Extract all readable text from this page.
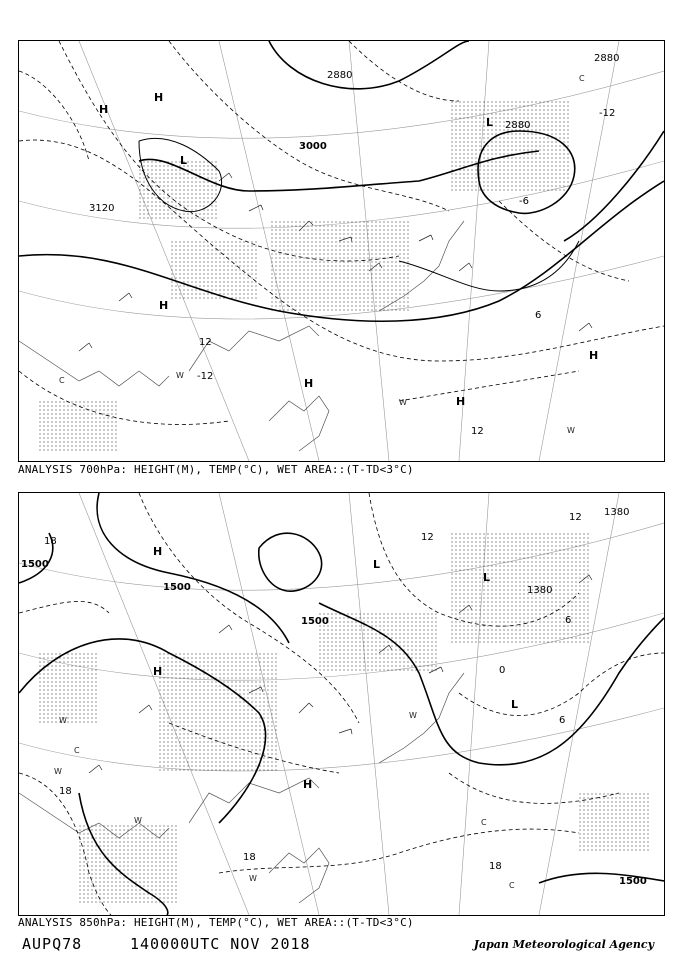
3120
3000
2880
2880
2880
-12
-12
-6
6
H
H
L
L
H
H
H
H
W
W
W
C
C
12
12
ANALYSIS 700hPa: HEIGHT(M), TEMP(°C), WET AREA::(T-TD<3°C)
1500
1500
1500
1380
1380
1500
18
18
18
18
12
12
6
6
0
H
H
L
L
L
H
W
W
W
W
W
C
C
C
ANALYSIS 850hPa: HEIGHT(M), TEMP(°C), WET AREA::(T-TD<3°C)
AUPQ78	140000UTC NOV 2018	Japan Meteorological Agency
